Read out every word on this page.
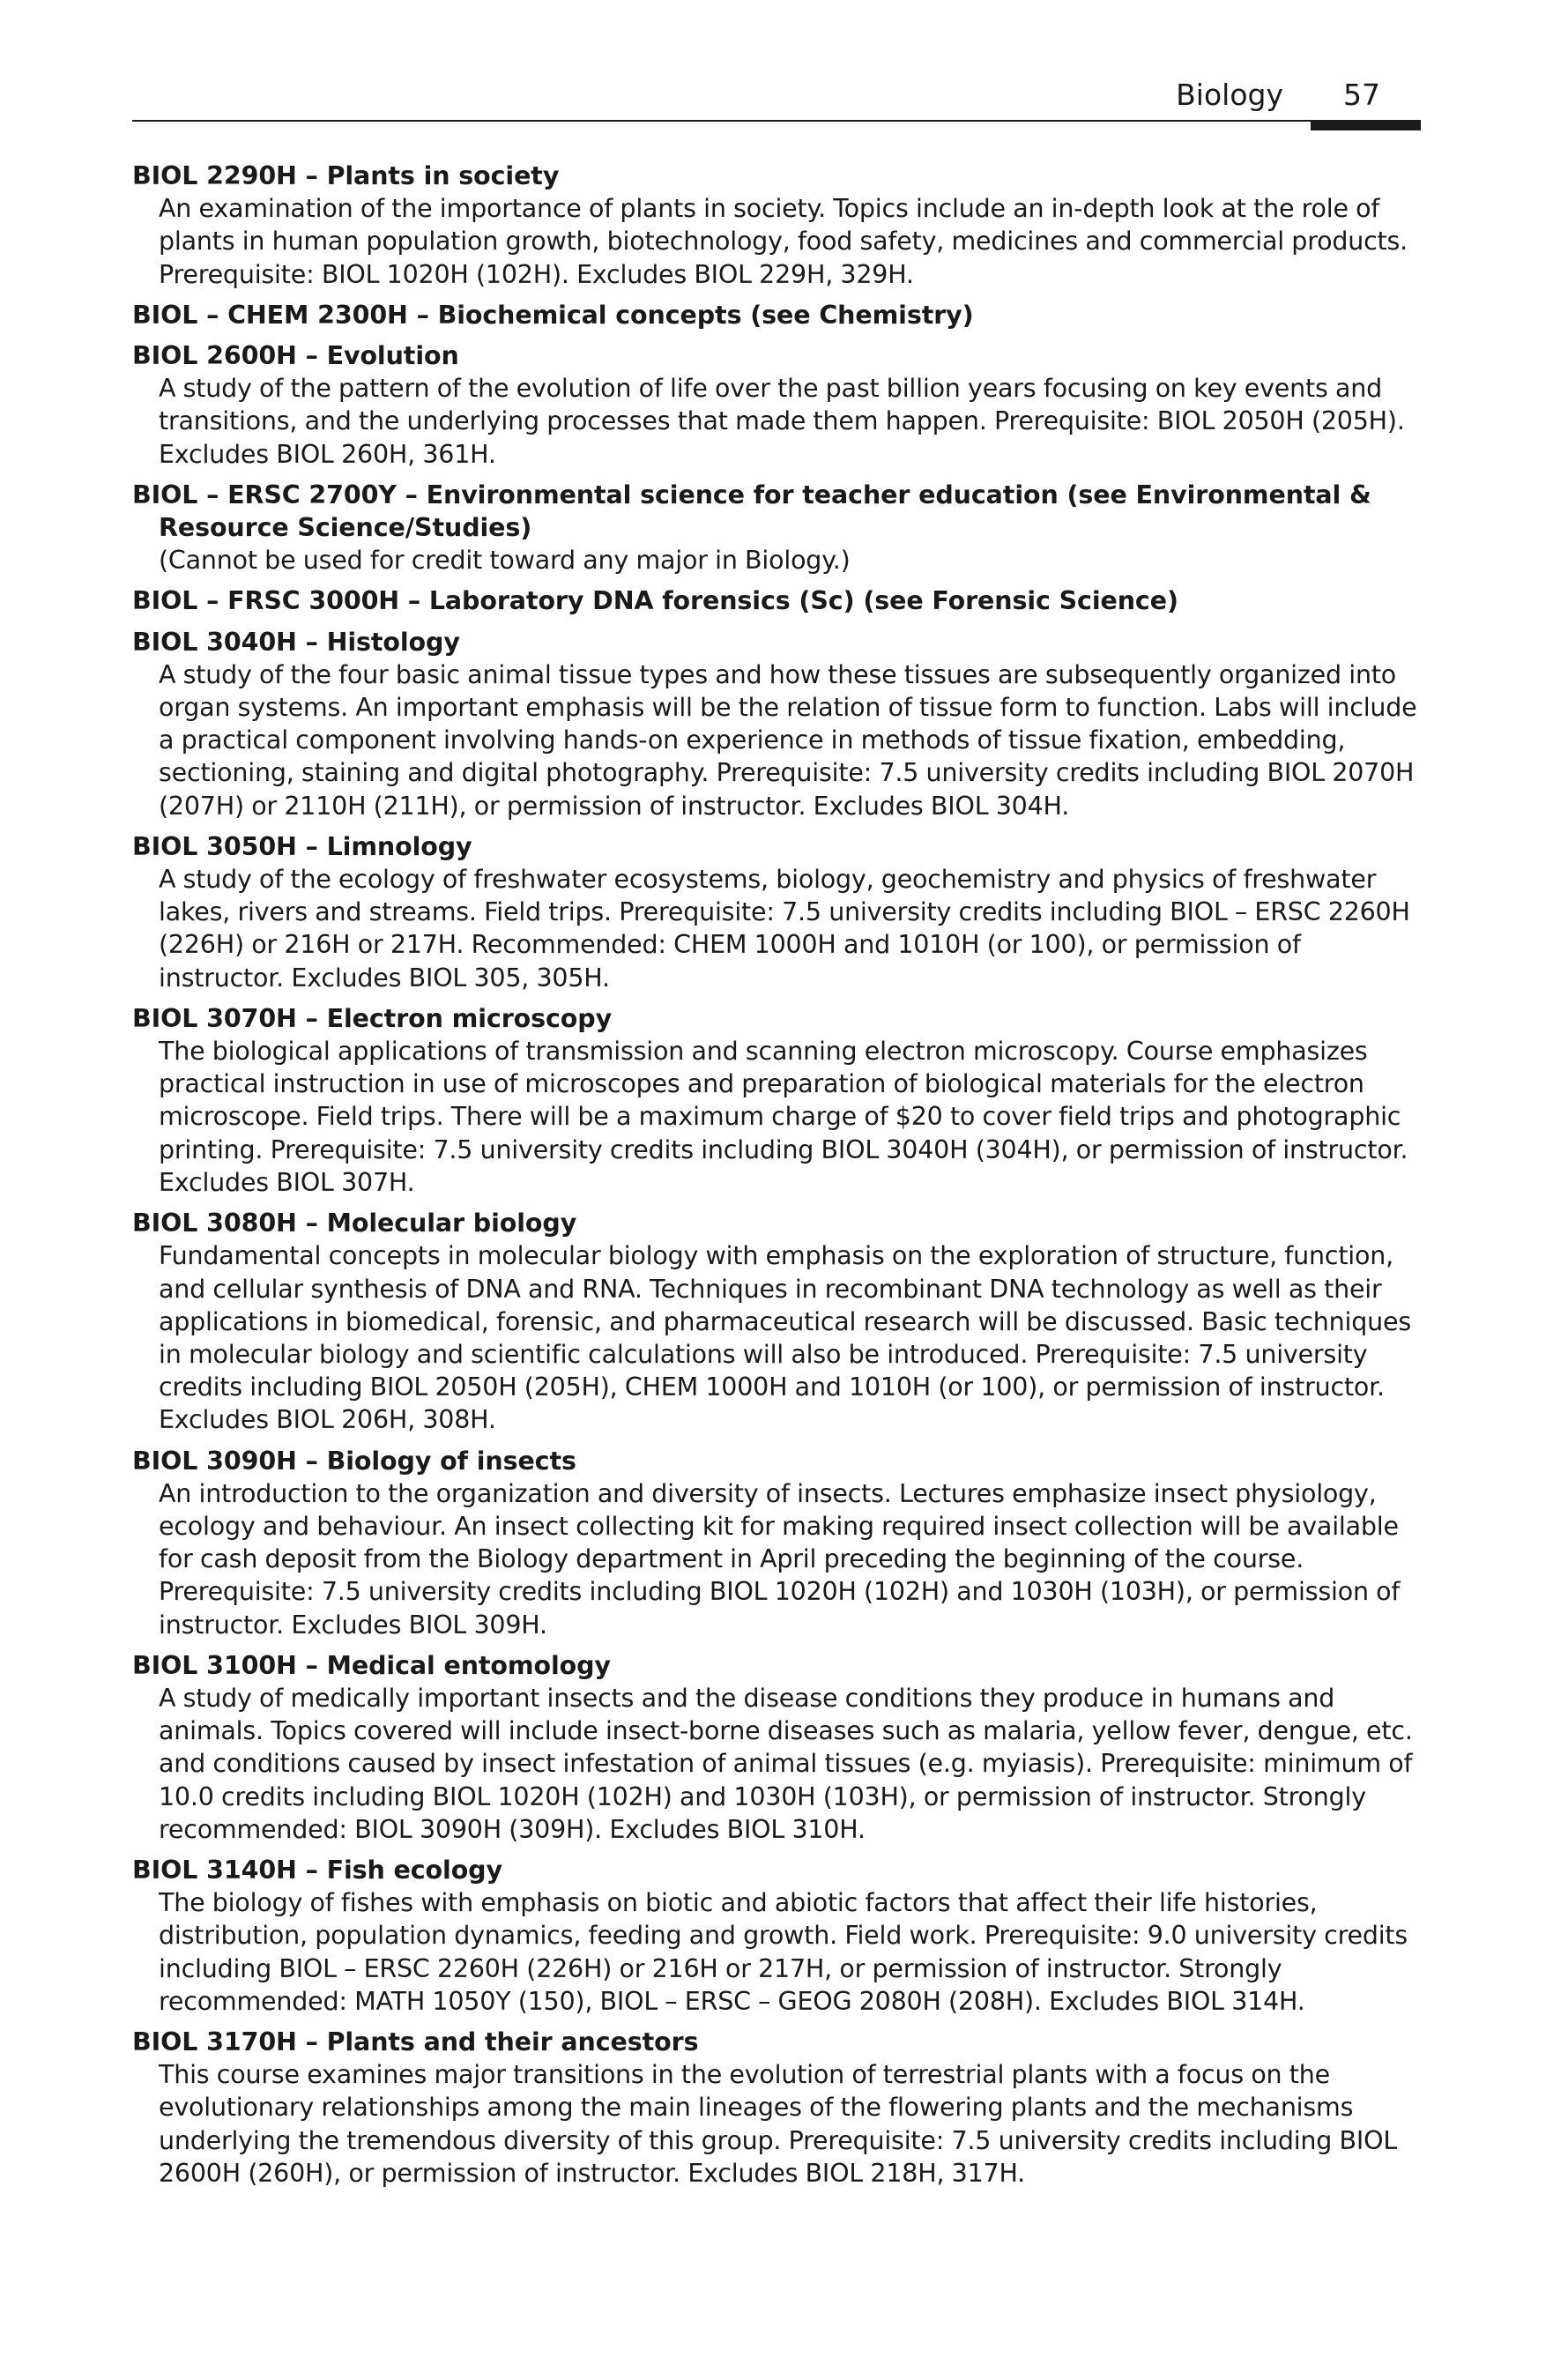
Biology 57
BIOL 2290H – Plants in society
An examination of the importance of plants in society. Topics include an in-depth look at the role of plants in human population growth, biotechnology, food safety, medicines and commercial products. Prerequisite: BIOL 1020H (102H). Excludes BIOL 229H, 329H.
BIOL – CHEM 2300H – Biochemical concepts (see Chemistry)
BIOL 2600H – Evolution
A study of the pattern of the evolution of life over the past billion years focusing on key events and transitions, and the underlying processes that made them happen. Prerequisite: BIOL 2050H (205H). Excludes BIOL 260H, 361H.
BIOL – ERSC 2700Y – Environmental science for teacher education (see Environmental & Resource Science/Studies)
(Cannot be used for credit toward any major in Biology.)
BIOL – FRSC 3000H – Laboratory DNA forensics (Sc) (see Forensic Science)
BIOL 3040H – Histology
A study of the four basic animal tissue types and how these tissues are subsequently organized into organ systems. An important emphasis will be the relation of tissue form to function. Labs will include a practical component involving hands-on experience in methods of tissue fixation, embedding, sectioning, staining and digital photography. Prerequisite: 7.5 university credits including BIOL 2070H (207H) or 2110H (211H), or permission of instructor. Excludes BIOL 304H.
BIOL 3050H – Limnology
A study of the ecology of freshwater ecosystems, biology, geochemistry and physics of freshwater lakes, rivers and streams. Field trips. Prerequisite: 7.5 university credits including BIOL – ERSC 2260H (226H) or 216H or 217H. Recommended: CHEM 1000H and 1010H (or 100), or permission of instructor. Excludes BIOL 305, 305H.
BIOL 3070H – Electron microscopy
The biological applications of transmission and scanning electron microscopy. Course emphasizes practical instruction in use of microscopes and preparation of biological materials for the electron microscope. Field trips. There will be a maximum charge of $20 to cover field trips and photographic printing. Prerequisite: 7.5 university credits including BIOL 3040H (304H), or permission of instructor. Excludes BIOL 307H.
BIOL 3080H – Molecular biology
Fundamental concepts in molecular biology with emphasis on the exploration of structure, function, and cellular synthesis of DNA and RNA. Techniques in recombinant DNA technology as well as their applications in biomedical, forensic, and pharmaceutical research will be discussed. Basic techniques in molecular biology and scientific calculations will also be introduced. Prerequisite: 7.5 university credits including BIOL 2050H (205H), CHEM 1000H and 1010H (or 100), or permission of instructor. Excludes BIOL 206H, 308H.
BIOL 3090H – Biology of insects
An introduction to the organization and diversity of insects. Lectures emphasize insect physiology, ecology and behaviour. An insect collecting kit for making required insect collection will be available for cash deposit from the Biology department in April preceding the beginning of the course. Prerequisite: 7.5 university credits including BIOL 1020H (102H) and 1030H (103H), or permission of instructor. Excludes BIOL 309H.
BIOL 3100H – Medical entomology
A study of medically important insects and the disease conditions they produce in humans and animals. Topics covered will include insect-borne diseases such as malaria, yellow fever, dengue, etc. and conditions caused by insect infestation of animal tissues (e.g. myiasis). Prerequisite: minimum of 10.0 credits including BIOL 1020H (102H) and 1030H (103H), or permission of instructor. Strongly recommended: BIOL 3090H (309H). Excludes BIOL 310H.
BIOL 3140H – Fish ecology
The biology of fishes with emphasis on biotic and abiotic factors that affect their life histories, distribution, population dynamics, feeding and growth. Field work. Prerequisite: 9.0 university credits including BIOL – ERSC 2260H (226H) or 216H or 217H, or permission of instructor. Strongly recommended: MATH 1050Y (150), BIOL – ERSC – GEOG 2080H (208H). Excludes BIOL 314H.
BIOL 3170H – Plants and their ancestors
This course examines major transitions in the evolution of terrestrial plants with a focus on the evolutionary relationships among the main lineages of the flowering plants and the mechanisms underlying the tremendous diversity of this group. Prerequisite: 7.5 university credits including BIOL 2600H (260H), or permission of instructor. Excludes BIOL 218H, 317H.
